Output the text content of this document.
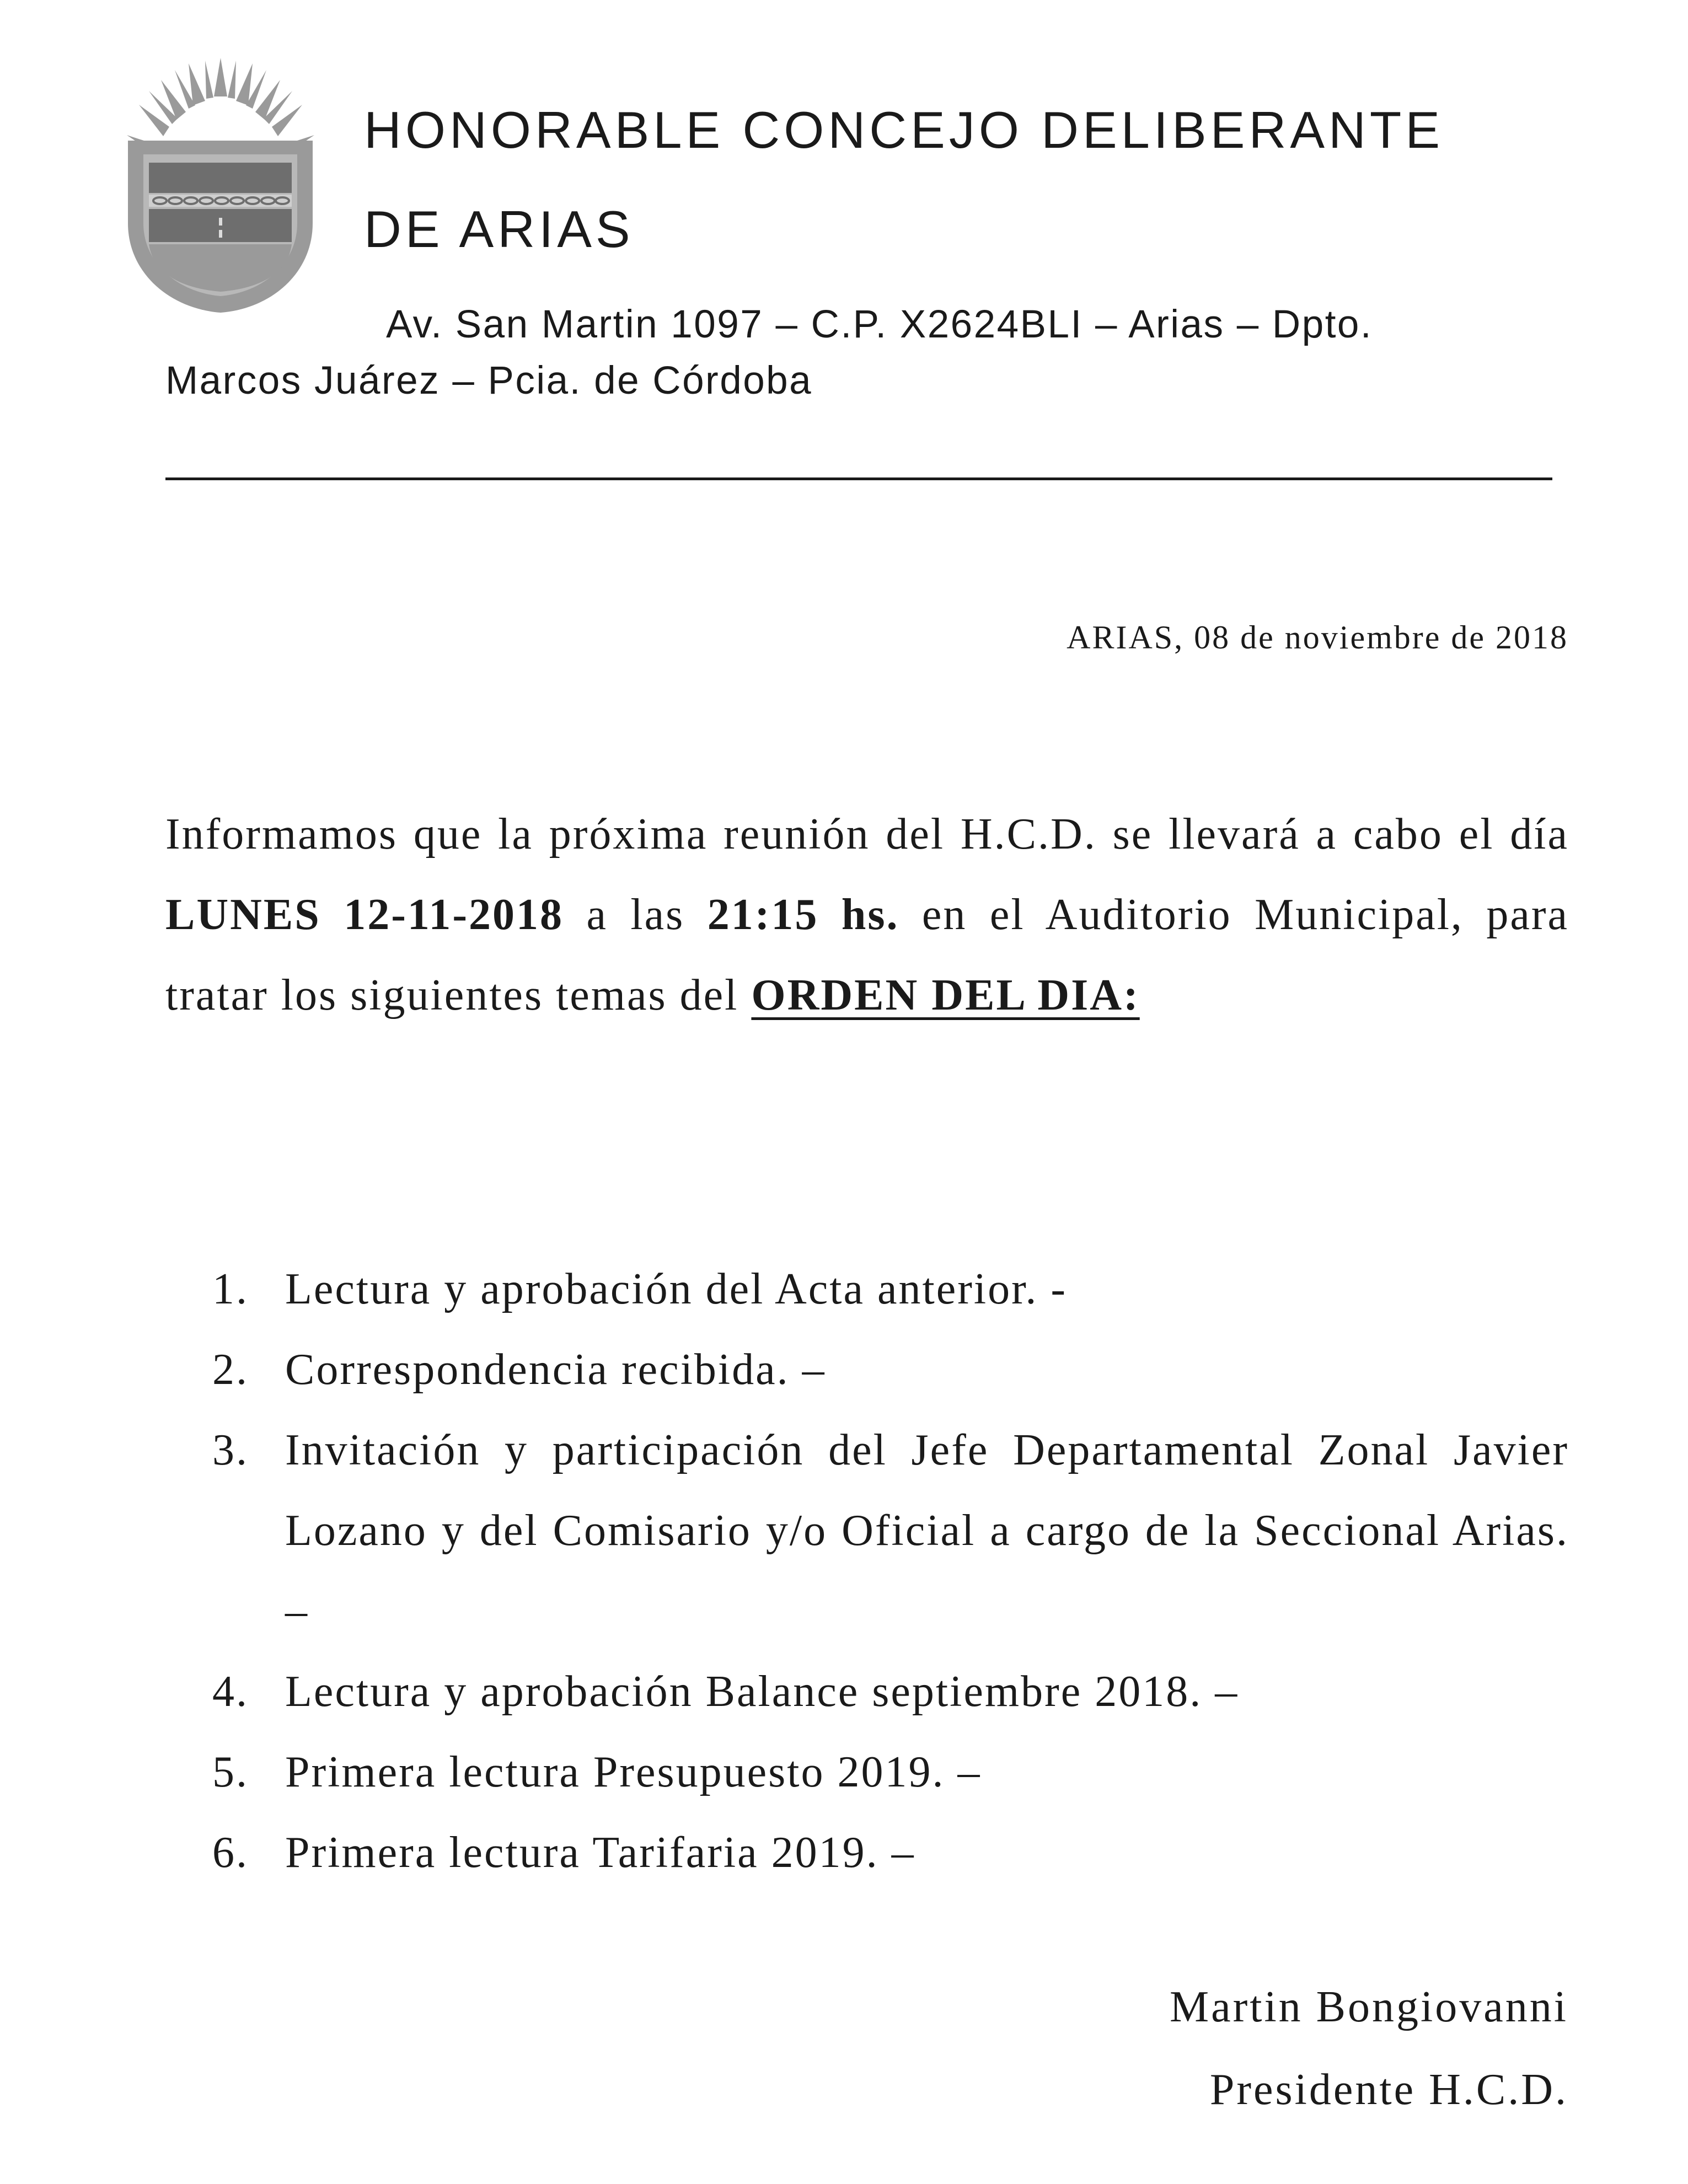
HONORABLE CONCEJO DELIBERANTE
DE ARIAS
Av. San Martin 1097 – C.P. X2624BLI – Arias – Dpto.
Marcos Juárez – Pcia. de Córdoba
ARIAS, 08 de noviembre de 2018

Informamos que la próxima reunión del H.C.D. se llevará a cabo el día LUNES 12-11-2018 a las 21:15 hs. en el Auditorio Municipal, para tratar los siguientes temas del ORDEN DEL DIA:

1. Lectura y aprobación del Acta anterior. -
2. Correspondencia recibida. –
3. Invitación y participación del Jefe Departamental Zonal Javier Lozano y del Comisario y/o Oficial a cargo de la Seccional Arias. –
4. Lectura y aprobación Balance septiembre 2018. –
5. Primera lectura Presupuesto 2019. –
6. Primera lectura Tarifaria 2019. –
Martin Bongiovanni
Presidente H.C.D.
